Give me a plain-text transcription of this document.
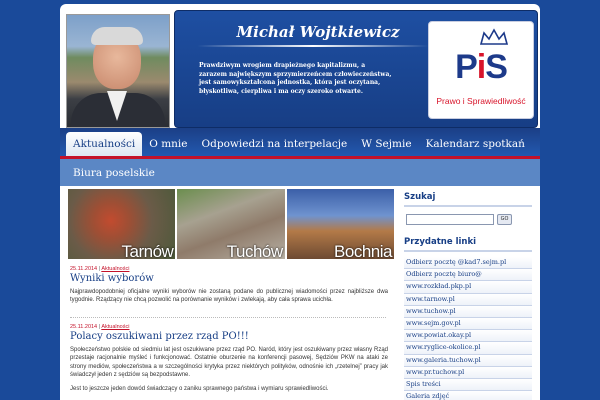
Michał Wojtkiewicz
Prawdziwym wrogiem drapieżnego kapitalizmu, a zarazem największym sprzymierzeńcem człowieczeństwa, jest samowykształcona jednostka, która jest oczytana, błyskotliwa, cierpliwa i ma oczy szeroko otwarte.
PiS
Prawo i Sprawiedliwość
Aktualności	O mnie	Odpowiedzi na interpelacje	W Sejmie	Kalendarz spotkań
Biura poselskie
Tarnów	Tuchów	Bochnia
25.11.2014 | Aktualności
Wyniki wyborów

Najprawdopodobniej oficjalne wyniki wyborów nie zostaną podane do publicznej wiadomości przez najbliższe dwa tygodnie. Rządzący nie chcą pozwolić na porównanie wyników i zwlekają, aby cała sprawa ucichła.

25.11.2014 | Aktualności
Polacy oszukiwani przez rząd PO!!!

Społeczeństwo polskie od siedmiu lat jest oszukiwane przez rząd PO. Naród, który jest oszukiwany przez własny Rząd przestaje racjonalnie myśleć i funkcjonować. Ostatnie oburzenie na konferencji pasowej, Sędziów PKW na ataki ze strony mediów, społeczeństwa a w szczególności krytyka przez niektórych polityków, odnośnie ich „rzetelnej” pracy jak świadczył jeden z sędziów są bezpodstawne.

Jest to jeszcze jeden dowód świadczący o zaniku sprawnego państwa i wymiaru sprawiedliwości.

Szukaj
GO
Przydatne linki
Odbierz pocztę @kad7.sejm.pl
Odbierz pocztę biuro@
www.rozkład.pkp.pl
www.tarnow.pl
www.tuchow.pl
www.sejm.gov.pl
www.powiat.okay.pl
www.ryglice-okolice.pl
www.galeria.tuchow.pl
www.pr.tuchow.pl
Spis treści
Galeria zdjęć
